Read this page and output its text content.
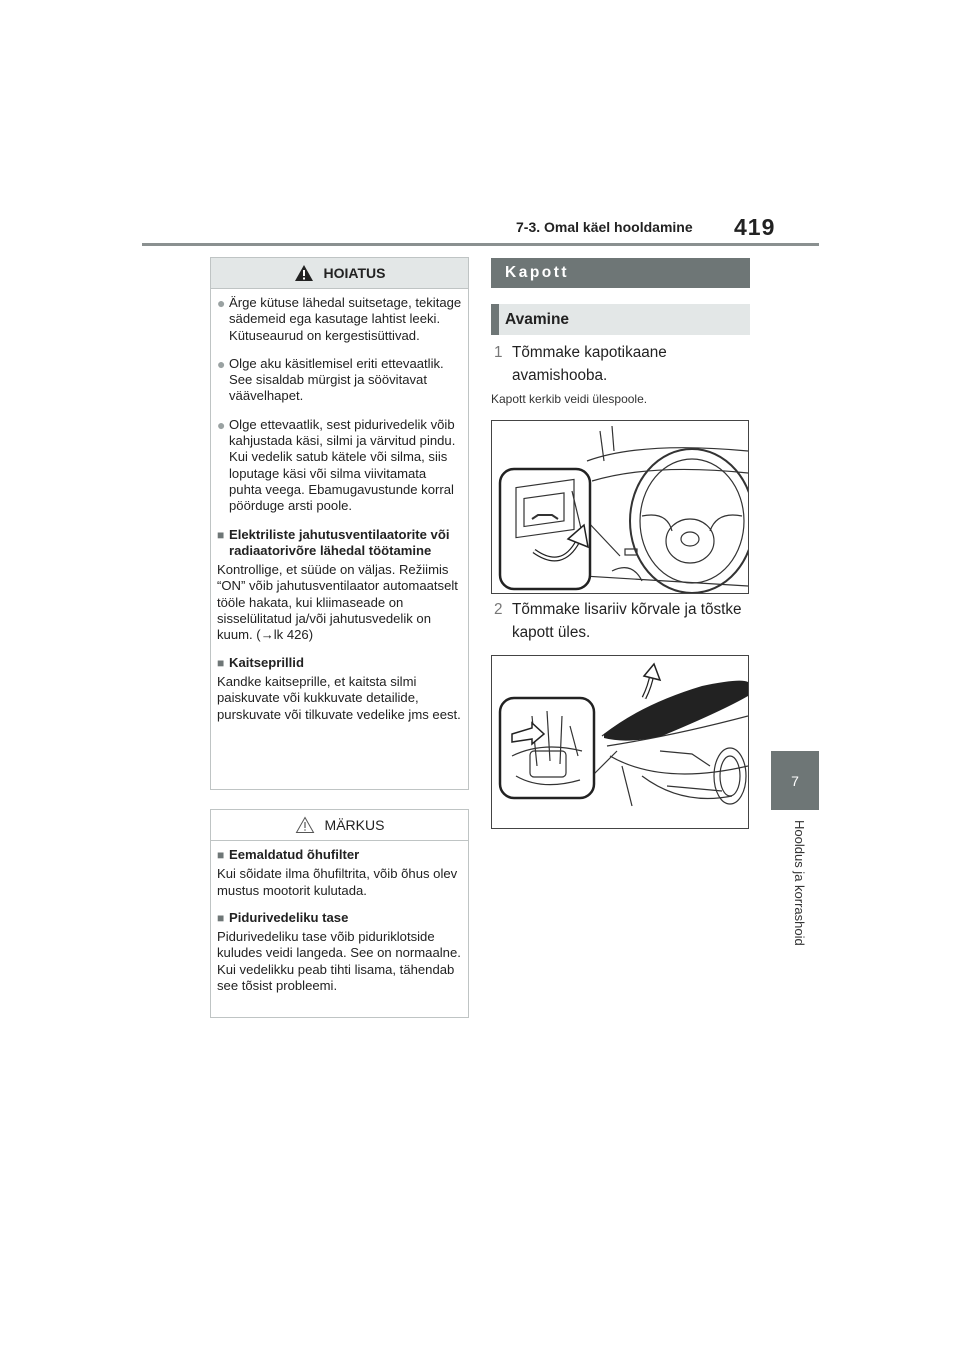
7-3. Omal käel hooldamine 419
7
Hooldus ja korrashoid
HOIATUS
● Ärge kütuse lähedal suitsetage, tekitage sädemeid ega kasutage lahtist leeki. Kütuseaurud on kergestisüttivad.
● Olge aku käsitlemisel eriti ettevaatlik. See sisaldab mürgist ja söövitavat väävelhapet.
● Olge ettevaatlik, sest pidurivedelik võib kahjustada käsi, silmi ja värvitud pindu. Kui vedelik satub kätele või silma, siis loputage käsi või silma viivitamata puhta veega. Ebamugavustunde korral pöörduge arsti poole.
■ Elektriliste jahutusventilaatorite või radiaatorivõre lähedal töötamine
Kontrollige, et süüde on väljas. Režiimis “ON” võib jahutusventilaator automaatselt tööle hakata, kui kliimaseade on sisselülitatud ja/või jahutusvedelik on kuum. (→lk 426)
■ Kaitseprillid
Kandke kaitseprille, et kaitsta silmi paiskuvate või kukkuvate detailide, purskuvate või tilkuvate vedelike jms eest.
MÄRKUS
■ Eemaldatud õhufilter
Kui sõidate ilma õhufiltrita, võib õhus olev mustus mootorit kulutada.
■ Pidurivedeliku tase
Pidurivedeliku tase võib piduriklotside kuludes veidi langeda. See on normaalne.
Kui vedelikku peab tihti lisama, tähendab see tõsist probleemi.
Kapott
Avamine
1 Tõmmake kapotikaane avamishooba.
Kapott kerkib veidi ülespoole.
2 Tõmmake lisariiv kõrvale ja tõstke kapott üles.
